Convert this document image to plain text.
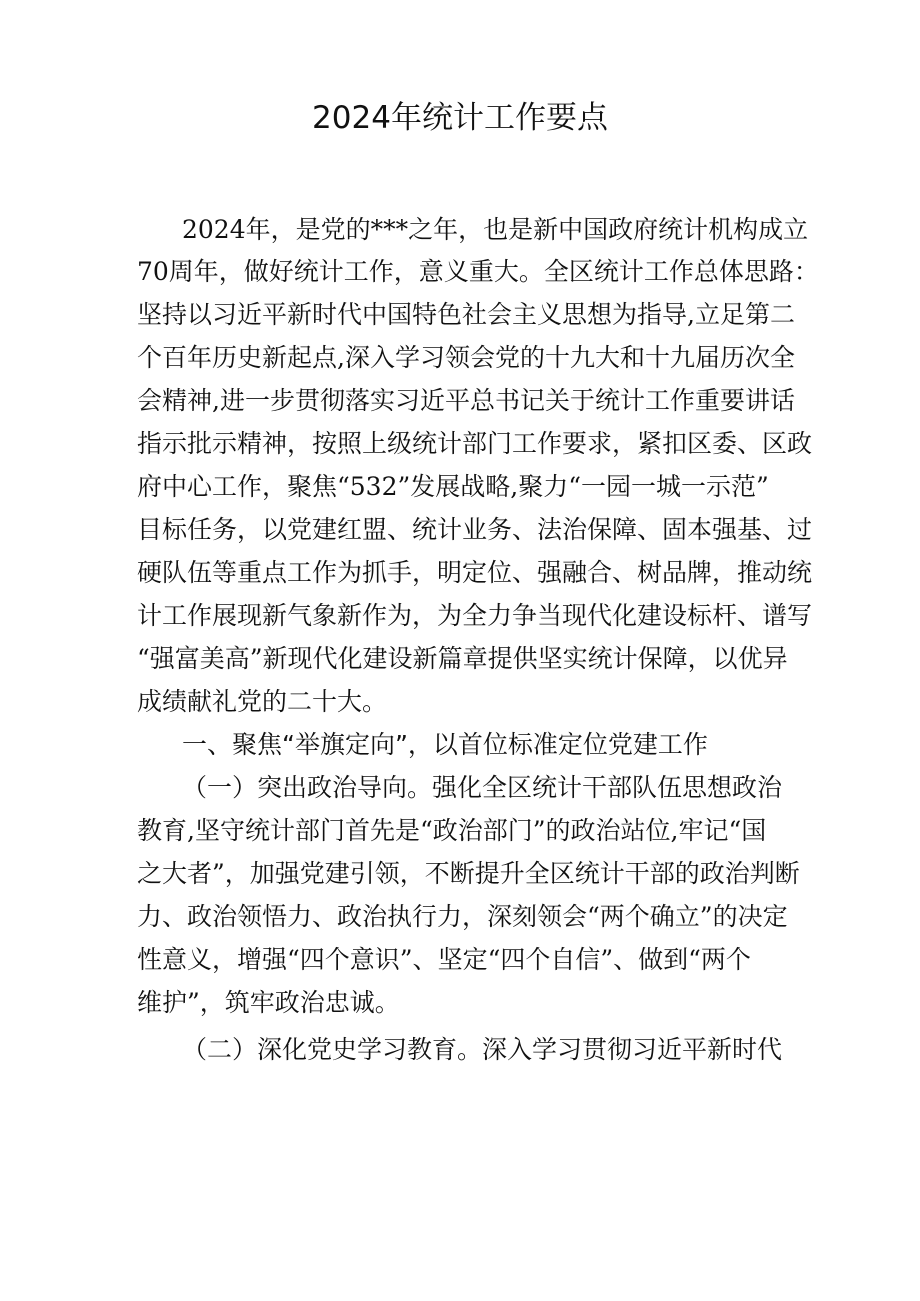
2024年统计工作要点

2024年，是党的***之年，也是新中国政府统计机构成立

70周年，做好统计工作，意义重大。全区统计工作总体思路：

坚持以习近平新时代中国特色社会主义思想为指导,立足第二

个百年历史新起点,深入学习领会党的十九大和十九届历次全

会精神,进一步贯彻落实习近平总书记关于统计工作重要讲话

指示批示精神，按照上级统计部门工作要求，紧扣区委、区政

府中心工作，聚焦“532”发展战略,聚力“一园一城一示范”

目标任务，以党建红盟、统计业务、法治保障、固本强基、过

硬队伍等重点工作为抓手，明定位、强融合、树品牌，推动统

计工作展现新气象新作为，为全力争当现代化建设标杆、谱写

“强富美高”新现代化建设新篇章提供坚实统计保障，以优异

成绩献礼党的二十大。

一、聚焦“举旗定向”，以首位标准定位党建工作

（一）突出政治导向。强化全区统计干部队伍思想政治

教育,坚守统计部门首先是“政治部门”的政治站位,牢记“国

之大者”，加强党建引领，不断提升全区统计干部的政治判断

力、政治领悟力、政治执行力，深刻领会“两个确立”的决定

性意义，增强“四个意识”、坚定“四个自信”、做到“两个

维护”，筑牢政治忠诚。

（二）深化党史学习教育。深入学习贯彻习近平新时代
